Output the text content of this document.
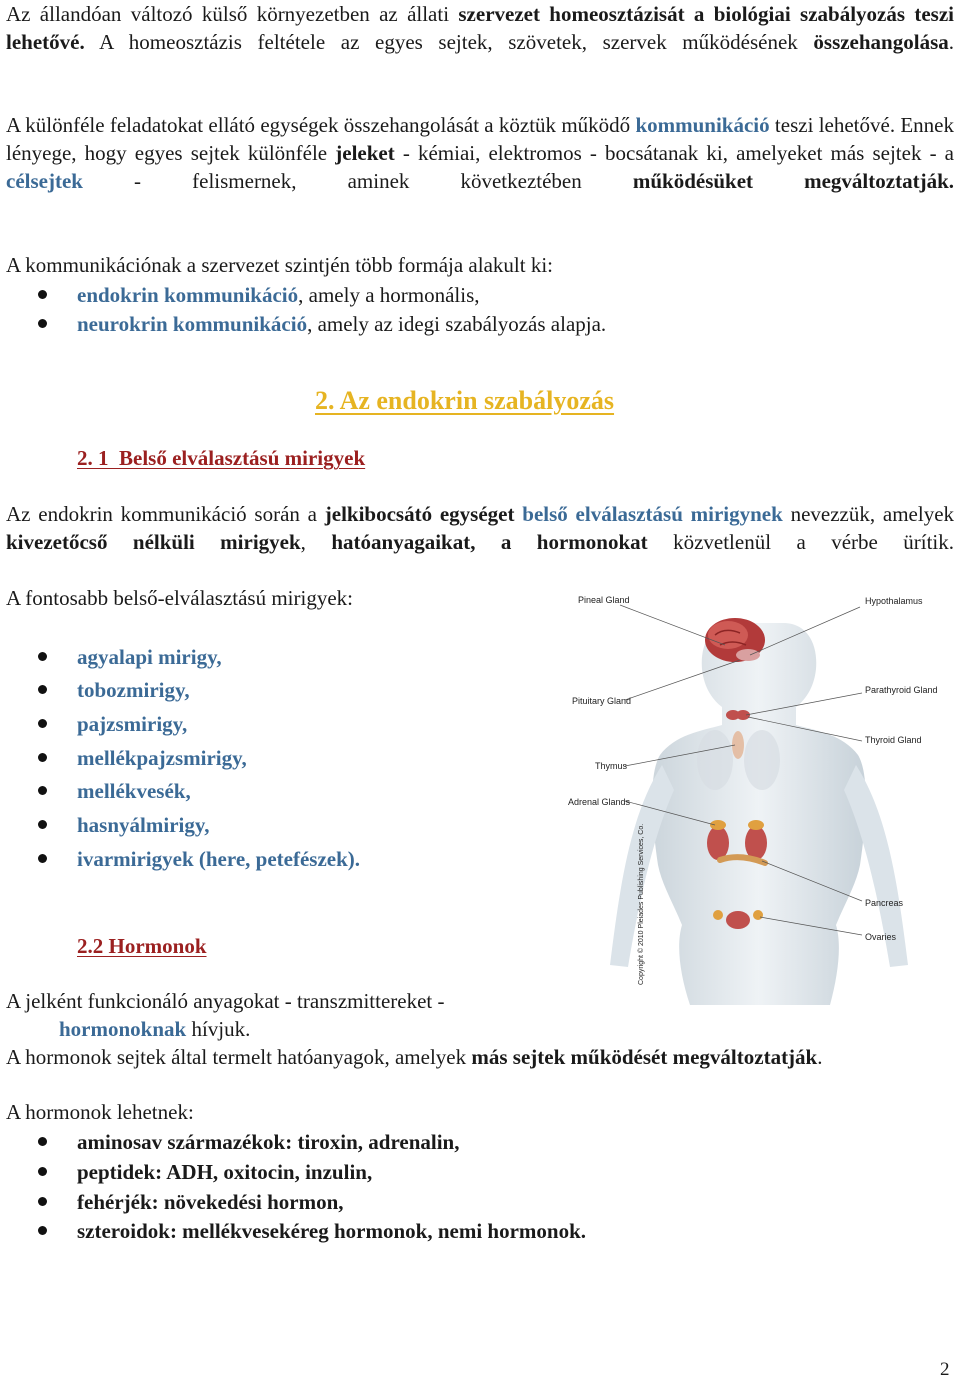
Az állandóan változó külső környezetben az állati szervezet homeosztázisát a biológiai szabályozás teszi lehetővé. A homeosztázis feltétele az egyes sejtek, szövetek, szervek működésének összehangolása.
A különféle feladatokat ellátó egységek összehangolását a köztük működő kommunikáció teszi lehetővé. Ennek lényege, hogy egyes sejtek különféle jeleket - kémiai, elektromos - bocsátanak ki, amelyeket más sejtek - a célsejtek - felismernek, aminek következtében működésüket megváltoztatják.
A kommunikációnak a szervezet szintjén több formája alakult ki:
endokrin kommunikáció, amely a hormonális,
neurokrin kommunikáció, amely az idegi szabályozás alapja.
2. Az endokrin szabályozás
2. 1  Belső elválasztású mirigyek
Az endokrin kommunikáció során a jelkibocsátó egységet belső elválasztású mirigynek nevezzük, amelyek kivezetőcső nélküli mirigyek, hatóanyagaikat, a hormonokat közvetlenül a vérbe ürítik.
A fontosabb belső-elválasztású mirigyek:
agyalapi mirigy,
tobozmirigy,
pajzsmirigy,
mellékpajzsmirigy,
mellékvesék,
hasnyálmirigy,
ivarmirigyek (here, petefészek).
2.2 Hormonok
A jelként funkcionáló anyagokat - transzmittereket -
hormonoknak hívjuk.
A hormonok sejtek által termelt hatóanyagok, amelyek más sejtek működését megváltoztatják.
A hormonok lehetnek:
aminosav származékok: tiroxin, adrenalin,
peptidek: ADH, oxitocin, inzulin,
fehérjék: növekedési hormon,
szteroidok: mellékvesekéreg hormonok, nemi hormonok.
Pineal Gland	Hypothalamus
Pituitary Gland
Parathyroid Gland
Thyroid Gland
Thymus
Adrenal Glands
Pancreas
Ovaries
Copyright © 2010 Pleiades Publishing Services, Co.
2
